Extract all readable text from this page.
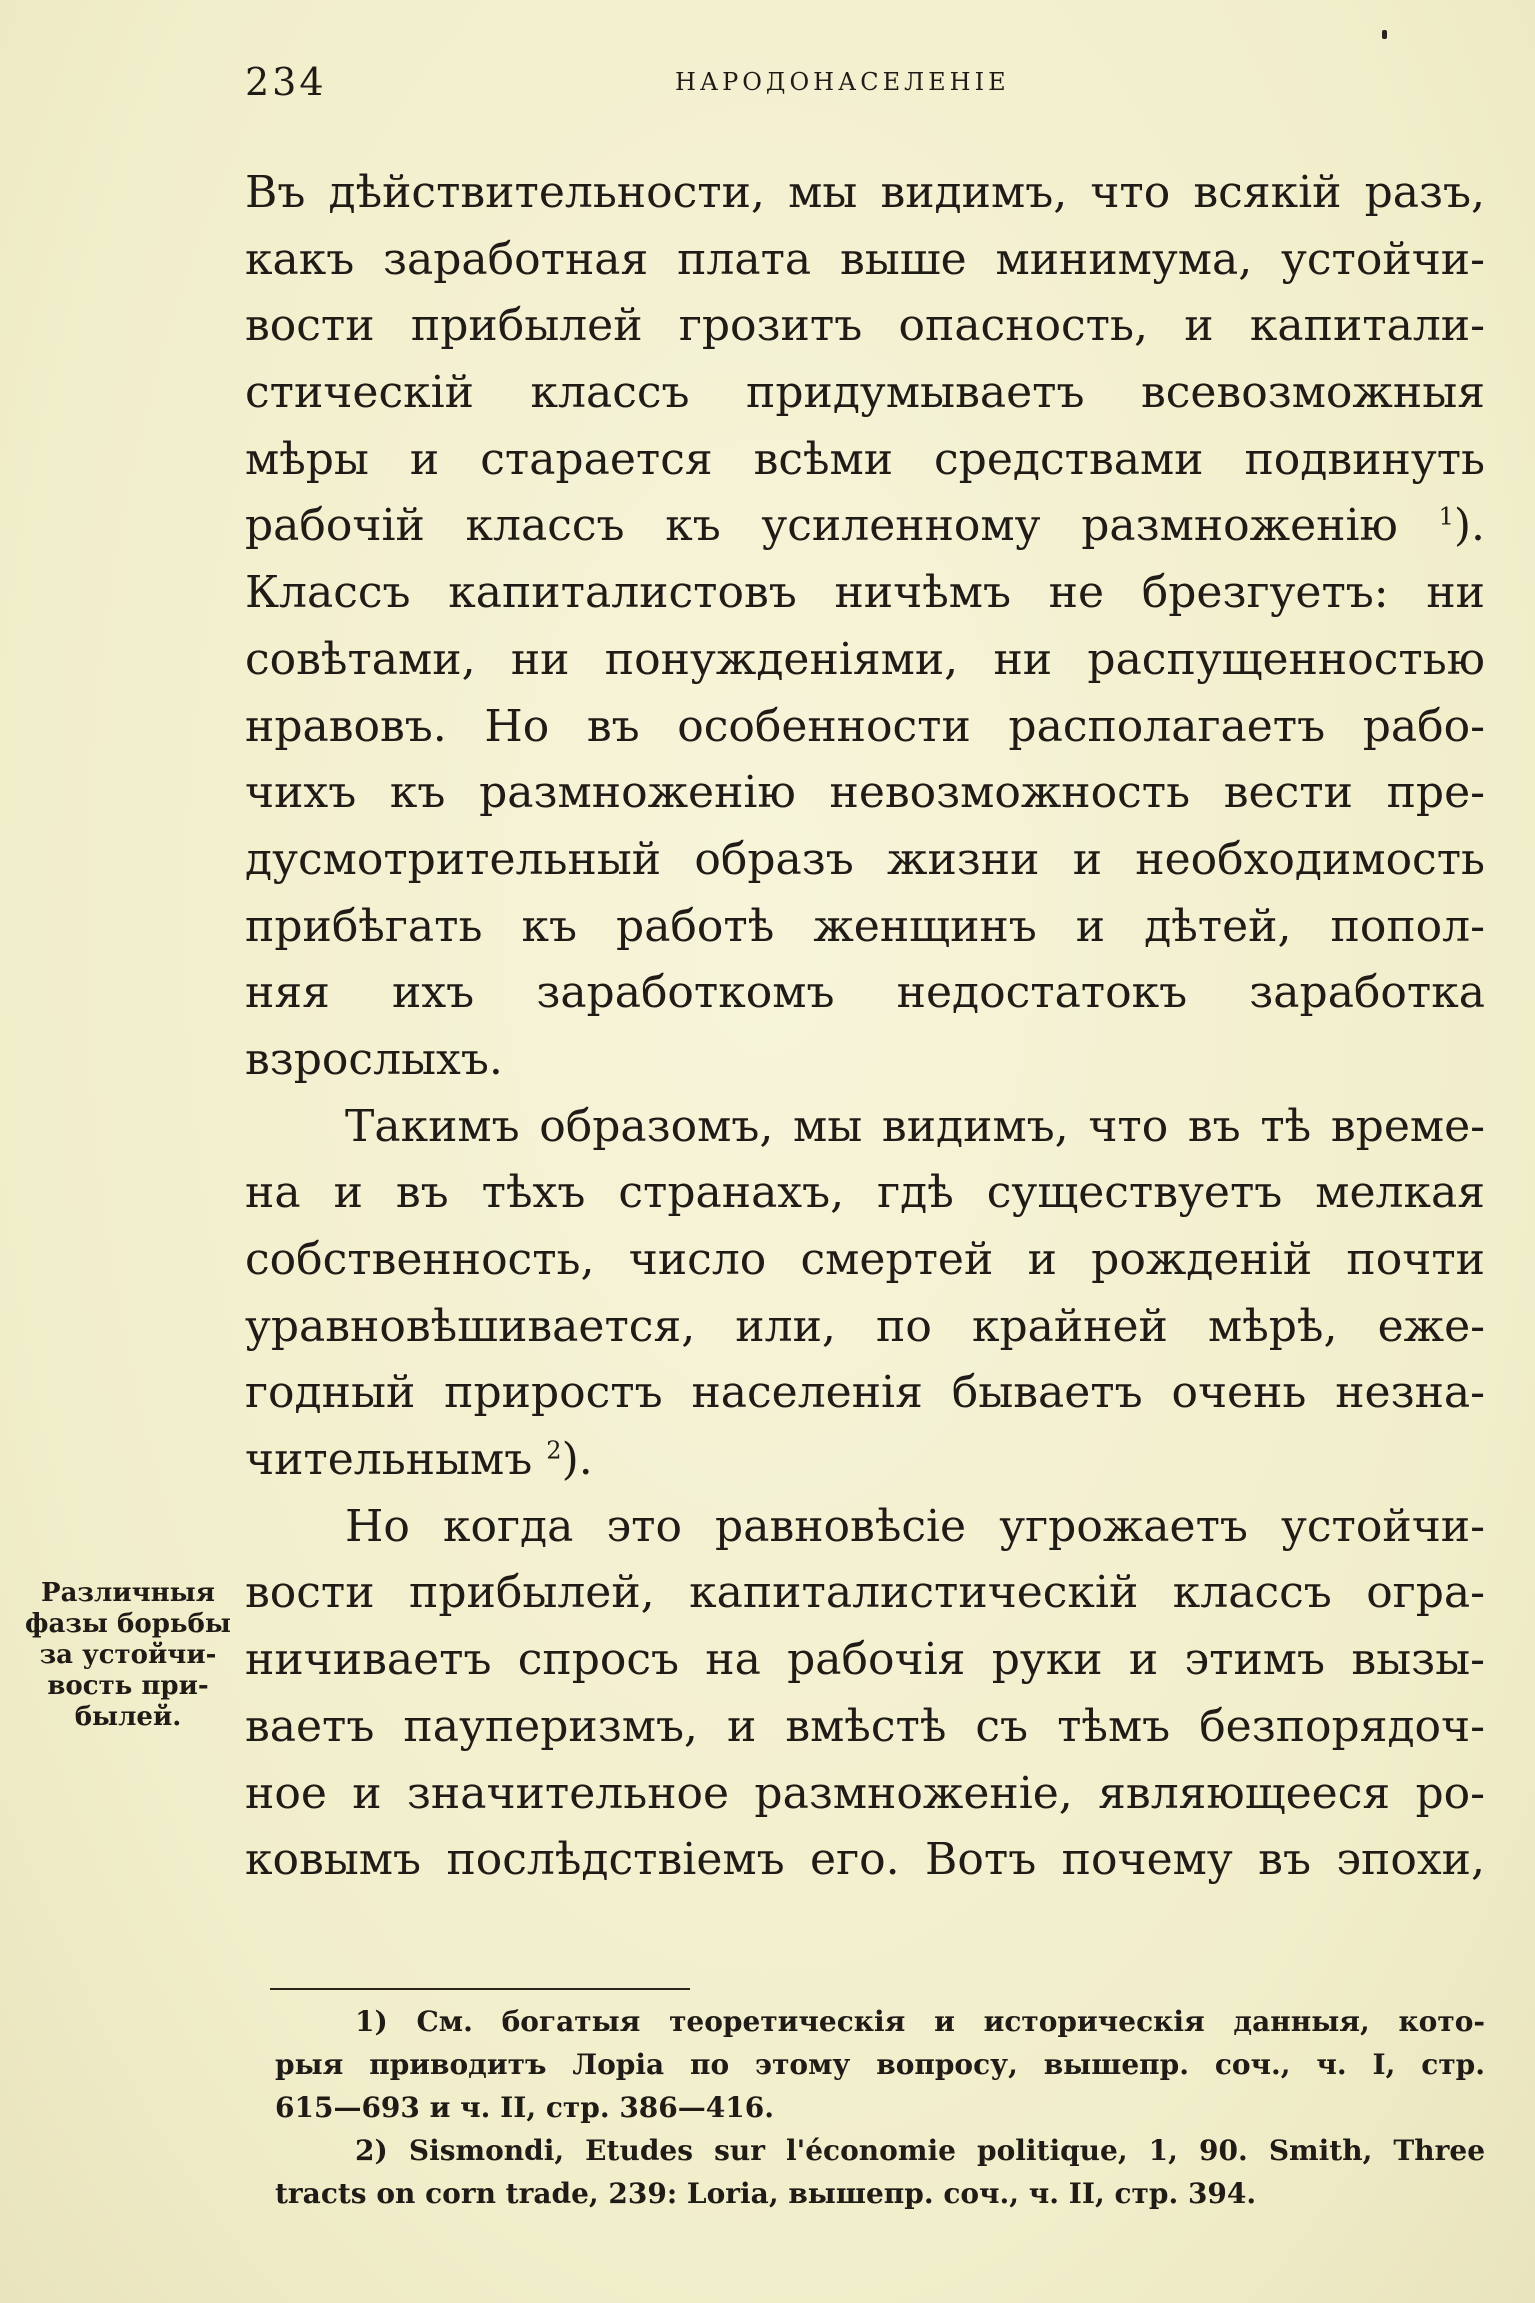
234	НАРОДОНАСЕЛЕНІЕ
Въ дѣйствительности, мы видимъ, что всякій разъ,
какъ заработная плата выше минимума, устойчи-
вости прибылей грозитъ опасность, и капитали-
стическій классъ придумываетъ всевозможныя
мѣры и старается всѣми средствами подвинуть
рабочій классъ къ усиленному размноженію $^1$).
Классъ капиталистовъ ничѣмъ не брезгуетъ: ни
совѣтами, ни понужденіями, ни распущенностью
нравовъ. Но въ особенности располагаетъ рабо-
чихъ къ размноженію невозможность вести пре-
дусмотрительный образъ жизни и необходимость
прибѣгать къ работѣ женщинъ и дѣтей, попол-
няя ихъ заработкомъ недостатокъ заработка
взрослыхъ.
Такимъ образомъ, мы видимъ, что въ тѣ време-
на и въ тѣхъ странахъ, гдѣ существуетъ мелкая
собственность, число смертей и рожденій почти
уравновѣшивается, или, по крайней мѣрѣ, еже-
годный приростъ населенія бываетъ очень незна-
чительнымъ $^2$).
Но когда это равновѣсіе угрожаетъ устойчи-
вости прибылей, капиталистическій классъ огра-
ничиваетъ спросъ на рабочія руки и этимъ вызы-
ваетъ пауперизмъ, и вмѣстѣ съ тѣмъ безпорядоч-
ное и значительное размноженіе, являющееся ро-
ковымъ послѣдствіемъ его. Вотъ почему въ эпохи,
Различныя
фазы борьбы
за устойчи-
вость при-
былей.
1) См. богатыя теоретическія и историческія данныя, кото-
рыя приводитъ Лоріа по этому вопросу, вышепр. соч., ч. I, стр.
615—693 и ч. II, стр. 386—416.
2) Sismondi, Etudes sur l'économie politique, 1, 90. Smith, Three
tracts on corn trade, 239: Loria, вышепр. соч., ч. II, стр. 394.
